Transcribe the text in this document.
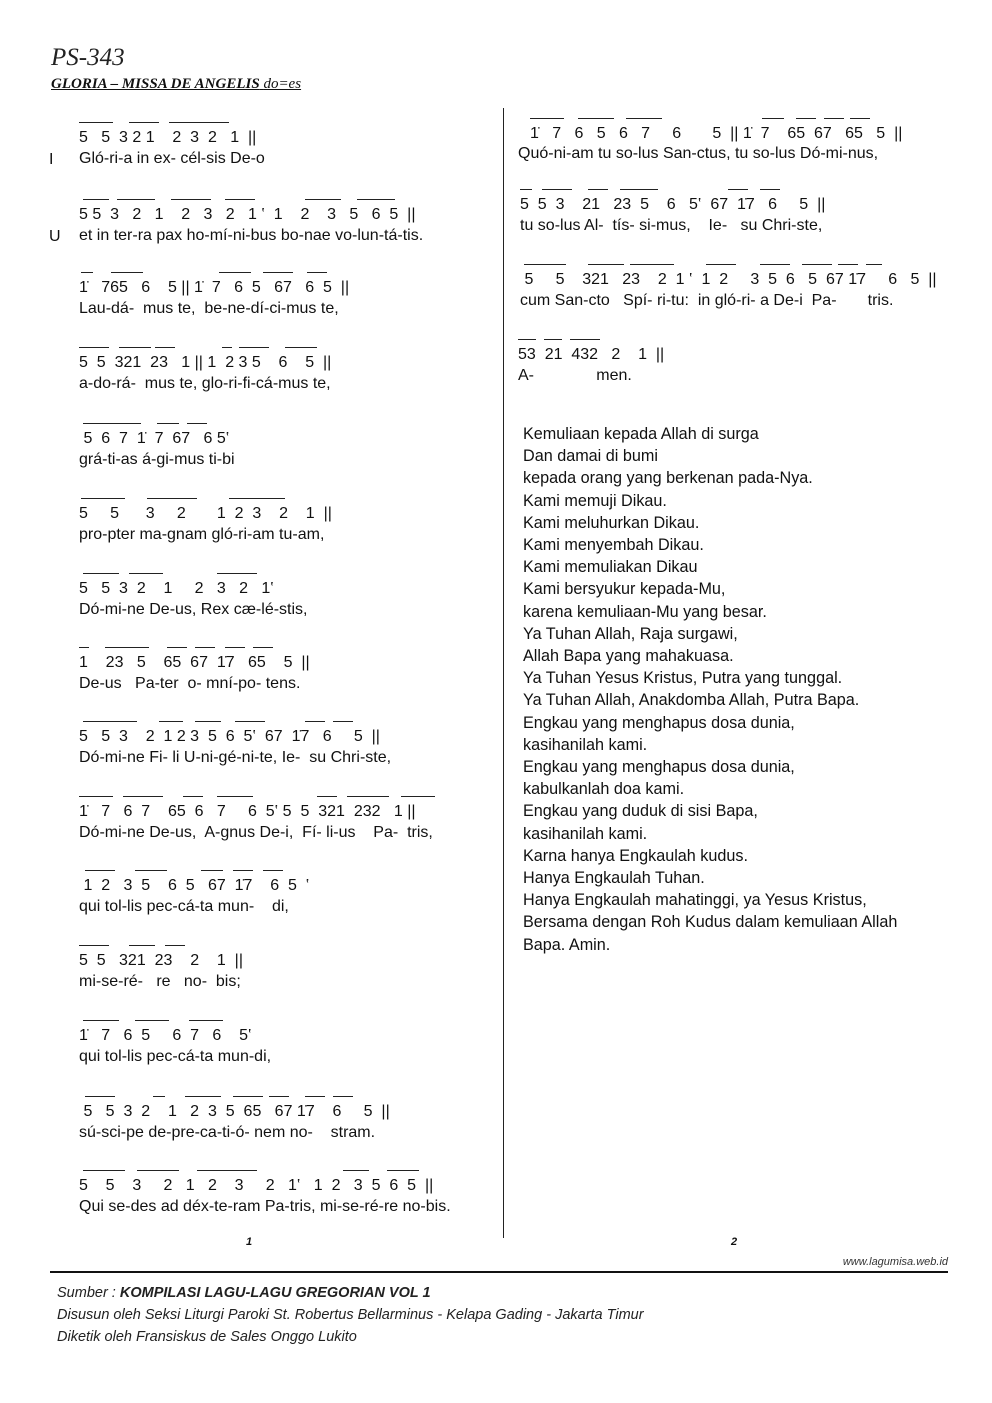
PS-343
GLORIA – MISSA DE ANGELIS do=es
5   5  3 2 1    2  3  2   1  ||
Gló-ri-a in ex- cél-sis De-o
I
5 5  3   2   1    2   3   2   1 ‛  1    2    3   5   6  5  ||
et in ter-ra pax ho-mí-ni-bus bo-nae vo-lun-tá-tis.
U
1̇   765   6    5 || 1̇  7   6  5   67   6  5  ||
Lau-dá-  mus te,  be-ne-dí-ci-mus te,
5  5  321  23   1 || 1  2 3 5    6    5  ||
a-do-rá-  mus te, glo-ri-fi-cá-mus te,
5  6  7  1̇  7  67   6 5‛
grá-ti-as á-gi-mus ti-bi
5     5      3     2       1  2  3    2    1  ||
pro-pter ma-gnam gló-ri-am tu-am,
5   5  3  2    1     2   3   2   1‛
Dó-mi-ne De-us, Rex cæ-lé-stis,
1    23   5    65  67  1̇7   65    5  ||
De-us   Pa-ter  o- mní-po- tens.
5   5  3    2  1 2 3  5  6  5‛  67  1̇7   6     5  ||
Dó-mi-ne Fi- li U-ni-gé-ni-te, Ie-  su Chri-ste,
1̇   7   6  7    65  6   7     6  5‛ 5  5  321  232   1 ||
Dó-mi-ne De-us,  A-gnus De-i,  Fí- li-us    Pa-  tris,
1  2   3  5    6  5   67  1̇7    6  5  ‛
qui tol-lis pec-cá-ta mun-    di,
5  5   321  23    2    1  ||
mi-se-ré-   re   no-  bis;
1̇   7   6  5     6  7   6    5‛
qui tol-lis pec-cá-ta mun-di,
5   5  3  2    1   2  3  5  65   67 1̇7    6     5  ||
sú-sci-pe de-pre-ca-ti-ó- nem no-    stram.
5    5    3     2   1   2    3     2   1‛   1  2   3  5  6  5  ||
Qui se-des ad déx-te-ram Pa-tris, mi-se-ré-re no-bis.
1̇   7   6   5   6   7     6       5  || 1̇  7    65  67   65   5  ||
Quó-ni-am tu so-lus San-ctus, tu so-lus Dó-mi-nus,
5  5  3    21   23  5    6   5‛  67  1̇7   6     5  ||
tu so-lus Al-  tís- si-mus,    Ie-   su Chri-ste,
5     5    321   23    2  1 ‛  1  2     3  5  6   5  67 1̇7     6   5  ||
cum San-cto   Spí- ri-tu:  in gló-ri- a De-i  Pa-       tris.
53  21  432   2    1  ||
A-              men.
Kemuliaan kepada Allah di surga
Dan damai di bumi
kepada orang yang berkenan pada-Nya.
Kami memuji Dikau.
Kami meluhurkan Dikau.
Kami menyembah Dikau.
Kami memuliakan Dikau
Kami bersyukur kepada-Mu,
karena kemuliaan-Mu yang besar.
Ya Tuhan Allah, Raja surgawi,
Allah Bapa yang mahakuasa.
Ya Tuhan Yesus Kristus, Putra yang tunggal.
Ya Tuhan Allah, Anakdomba Allah, Putra Bapa.
Engkau yang menghapus dosa dunia,
kasihanilah kami.
Engkau yang menghapus dosa dunia,
kabulkanlah doa kami.
Engkau yang duduk di sisi Bapa,
kasihanilah kami.
Karna hanya Engkaulah kudus.
Hanya Engkaulah Tuhan.
Hanya Engkaulah mahatinggi, ya Yesus Kristus,
Bersama dengan Roh Kudus dalam kemuliaan Allah
Bapa. Amin.
1	2
www.lagumisa.web.id
Sumber : KOMPILASI LAGU-LAGU GREGORIAN VOL 1
Disusun oleh Seksi Liturgi Paroki St. Robertus Bellarminus - Kelapa Gading - Jakarta Timur
Diketik oleh Fransiskus de Sales Onggo Lukito
